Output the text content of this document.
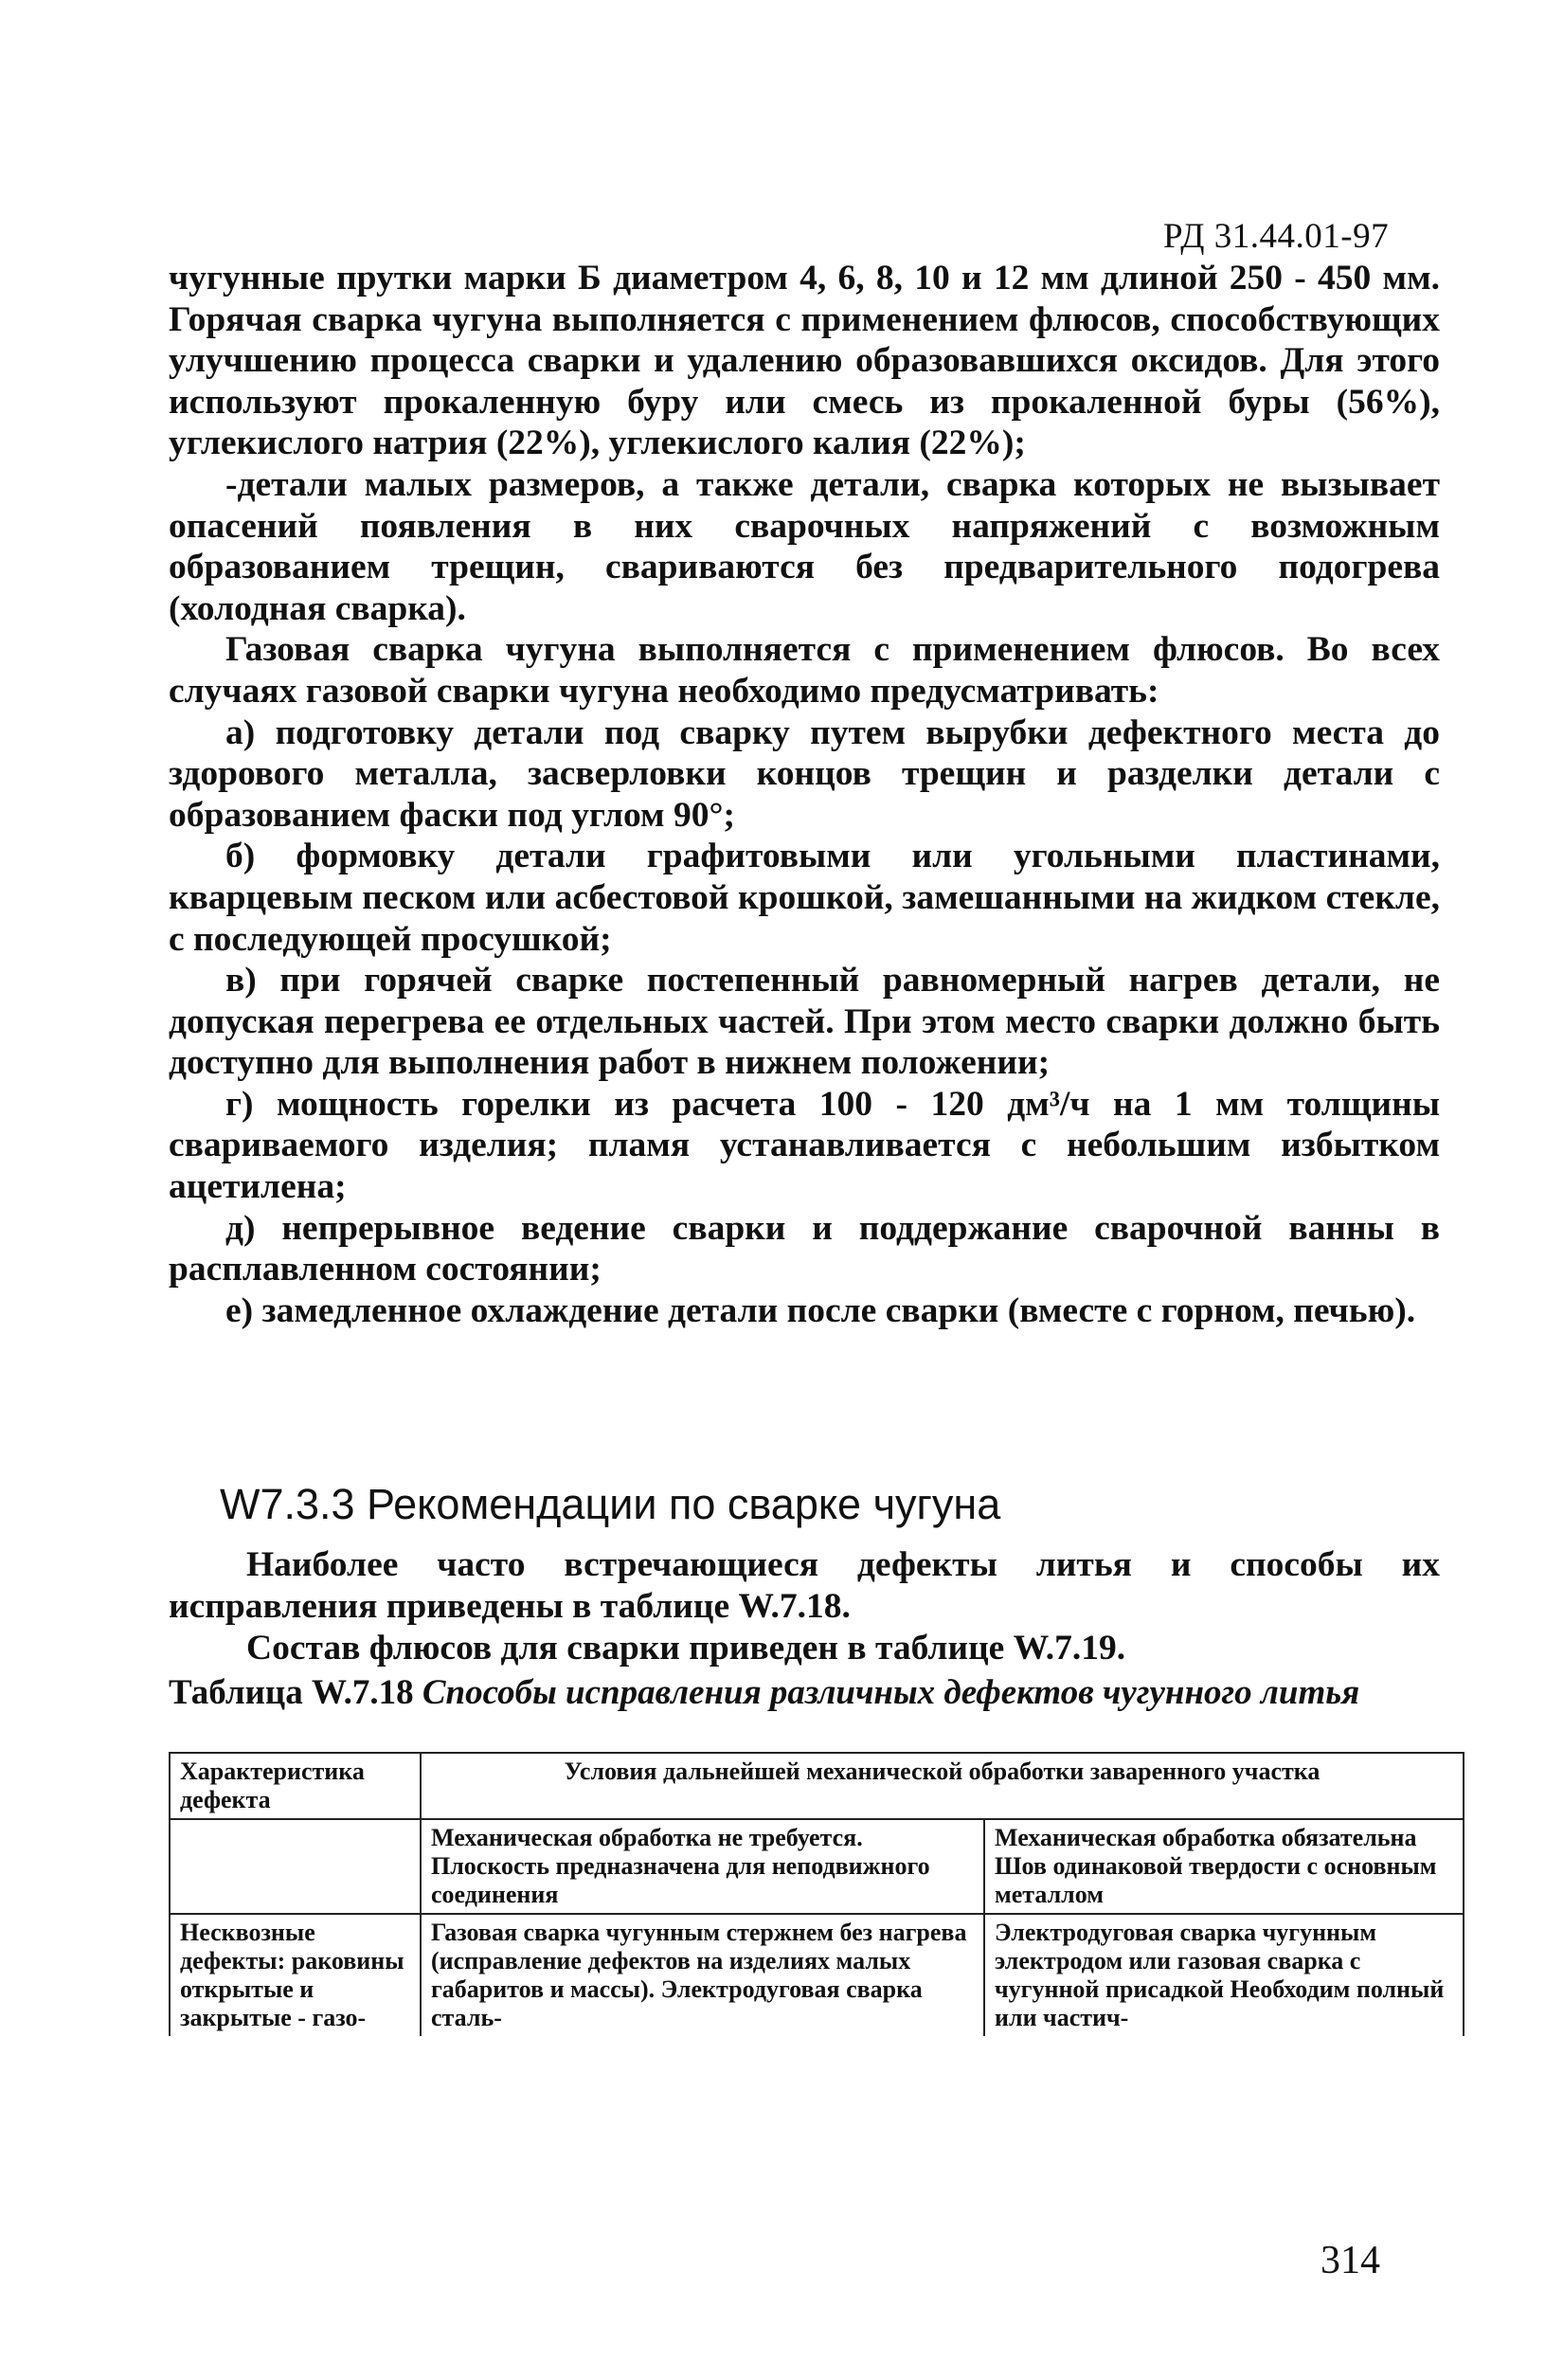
РД 31.44.01-97

чугунные прутки марки Б диаметром 4, 6, 8, 10 и 12 мм длиной 250 - 450 мм. Горячая сварка чугуна выполняется с применением флюсов, способствующих улучшению процесса сварки и удалению образовавшихся оксидов. Для этого используют прокаленную буру или смесь из прокаленной буры (56%), углекислого натрия (22%), углекислого калия (22%);

-детали малых размеров, а также детали, сварка которых не вызывает опасений появления в них сварочных напряжений с возможным образованием трещин, свариваются без предварительного подогрева (холодная сварка).

Газовая сварка чугуна выполняется с применением флюсов. Во всех случаях газовой сварки чугуна необходимо предусматривать:

а) подготовку детали под сварку путем вырубки дефектного места до здорового металла, засверловки концов трещин и разделки детали с образованием фаски под углом 90°;

б) формовку детали графитовыми или угольными пластинами, кварцевым песком или асбестовой крошкой, замешанными на жидком стекле, с последующей просушкой;

в) при горячей сварке постепенный равномерный нагрев детали, не допуская перегрева ее отдельных частей. При этом место сварки должно быть доступно для выполнения работ в нижнем положении;

г) мощность горелки из расчета 100 - 120 дм³/ч на 1 мм толщины свариваемого изделия; пламя устанавливается с небольшим избытком ацетилена;

д) непрерывное ведение сварки и поддержание сварочной ванны в расплавленном состоянии;

е) замедленное охлаждение детали после сварки (вместе с горном, печью).

W7.3.3 Рекомендации по сварке чугуна

Наиболее часто встречающиеся дефекты литья и способы их исправления приведены в таблице W.7.18.

Состав флюсов для сварки приведен в таблице W.7.19.

Таблица W.7.18 Способы исправления различных дефектов чугунного литья
Характеристика дефекта	Условия дальнейшей механической обработки заваренного участка	
	Механическая обработка не требуется. Плоскость предназначена для неподвижного соединения	Механическая обработка обязательна Шов одинаковой твердости с основным металлом
Несквозные дефекты: раковины открытые и закрытые - газо-	Газовая сварка чугунным стержнем без нагрева (исправление дефектов на изделиях малых габаритов и массы). Электродуговая сварка сталь-	Электродуговая сварка чугунным электродом или газовая сварка с чугунной присадкой Необходим полный или частич-
314
